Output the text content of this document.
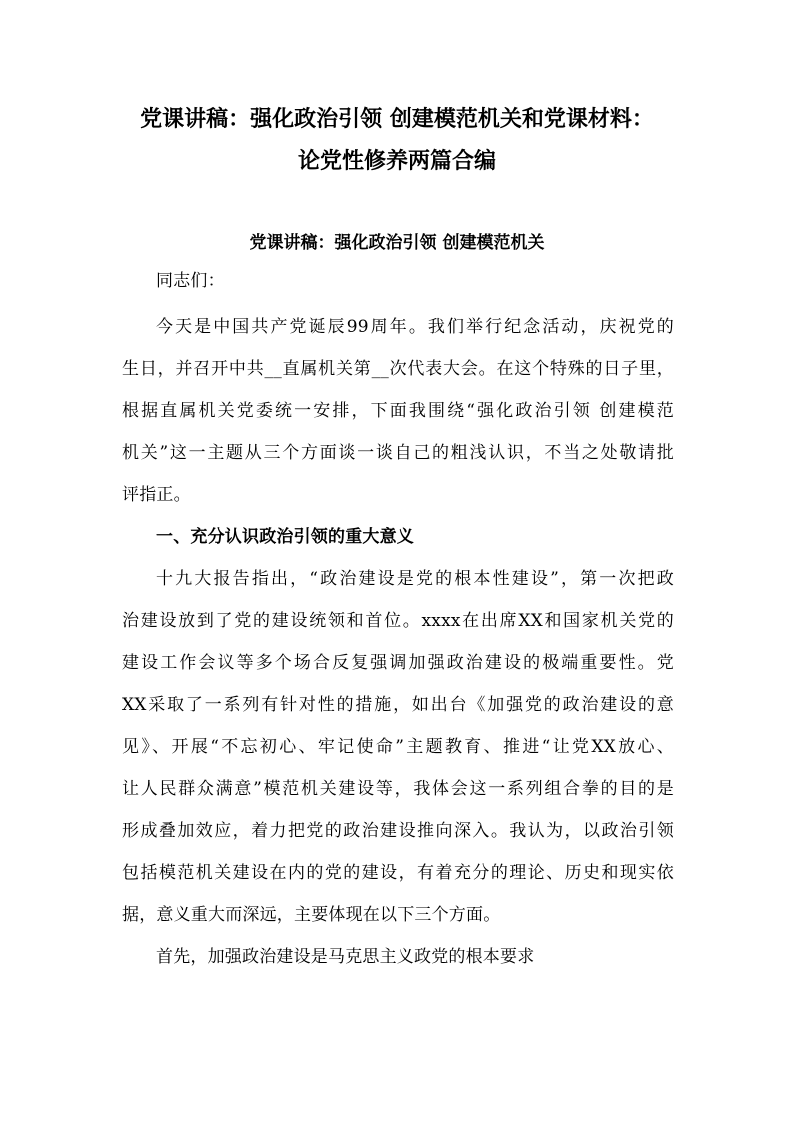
党课讲稿：强化政治引领 创建模范机关和党课材料：
论党性修养两篇合编
党课讲稿：强化政治引领 创建模范机关
同志们：
今天是中国共产党诞辰99周年。我们举行纪念活动，庆祝党的
生日，并召开中共__直属机关第__次代表大会。在这个特殊的日子里，
根据直属机关党委统一安排，下面我围绕“强化政治引领 创建模范
机关”这一主题从三个方面谈一谈自己的粗浅认识，不当之处敬请批
评指正。
一、充分认识政治引领的重大意义
十九大报告指出，“政治建设是党的根本性建设”，第一次把政
治建设放到了党的建设统领和首位。xxxx在出席XX和国家机关党的
建设工作会议等多个场合反复强调加强政治建设的极端重要性。党
XX采取了一系列有针对性的措施，如出台《加强党的政治建设的意
见》、开展“不忘初心、牢记使命”主题教育、推进“让党XX放心、
让人民群众满意”模范机关建设等，我体会这一系列组合拳的目的是
形成叠加效应，着力把党的政治建设推向深入。我认为，以政治引领
包括模范机关建设在内的党的建设，有着充分的理论、历史和现实依
据，意义重大而深远，主要体现在以下三个方面。
首先，加强政治建设是马克思主义政党的根本要求
